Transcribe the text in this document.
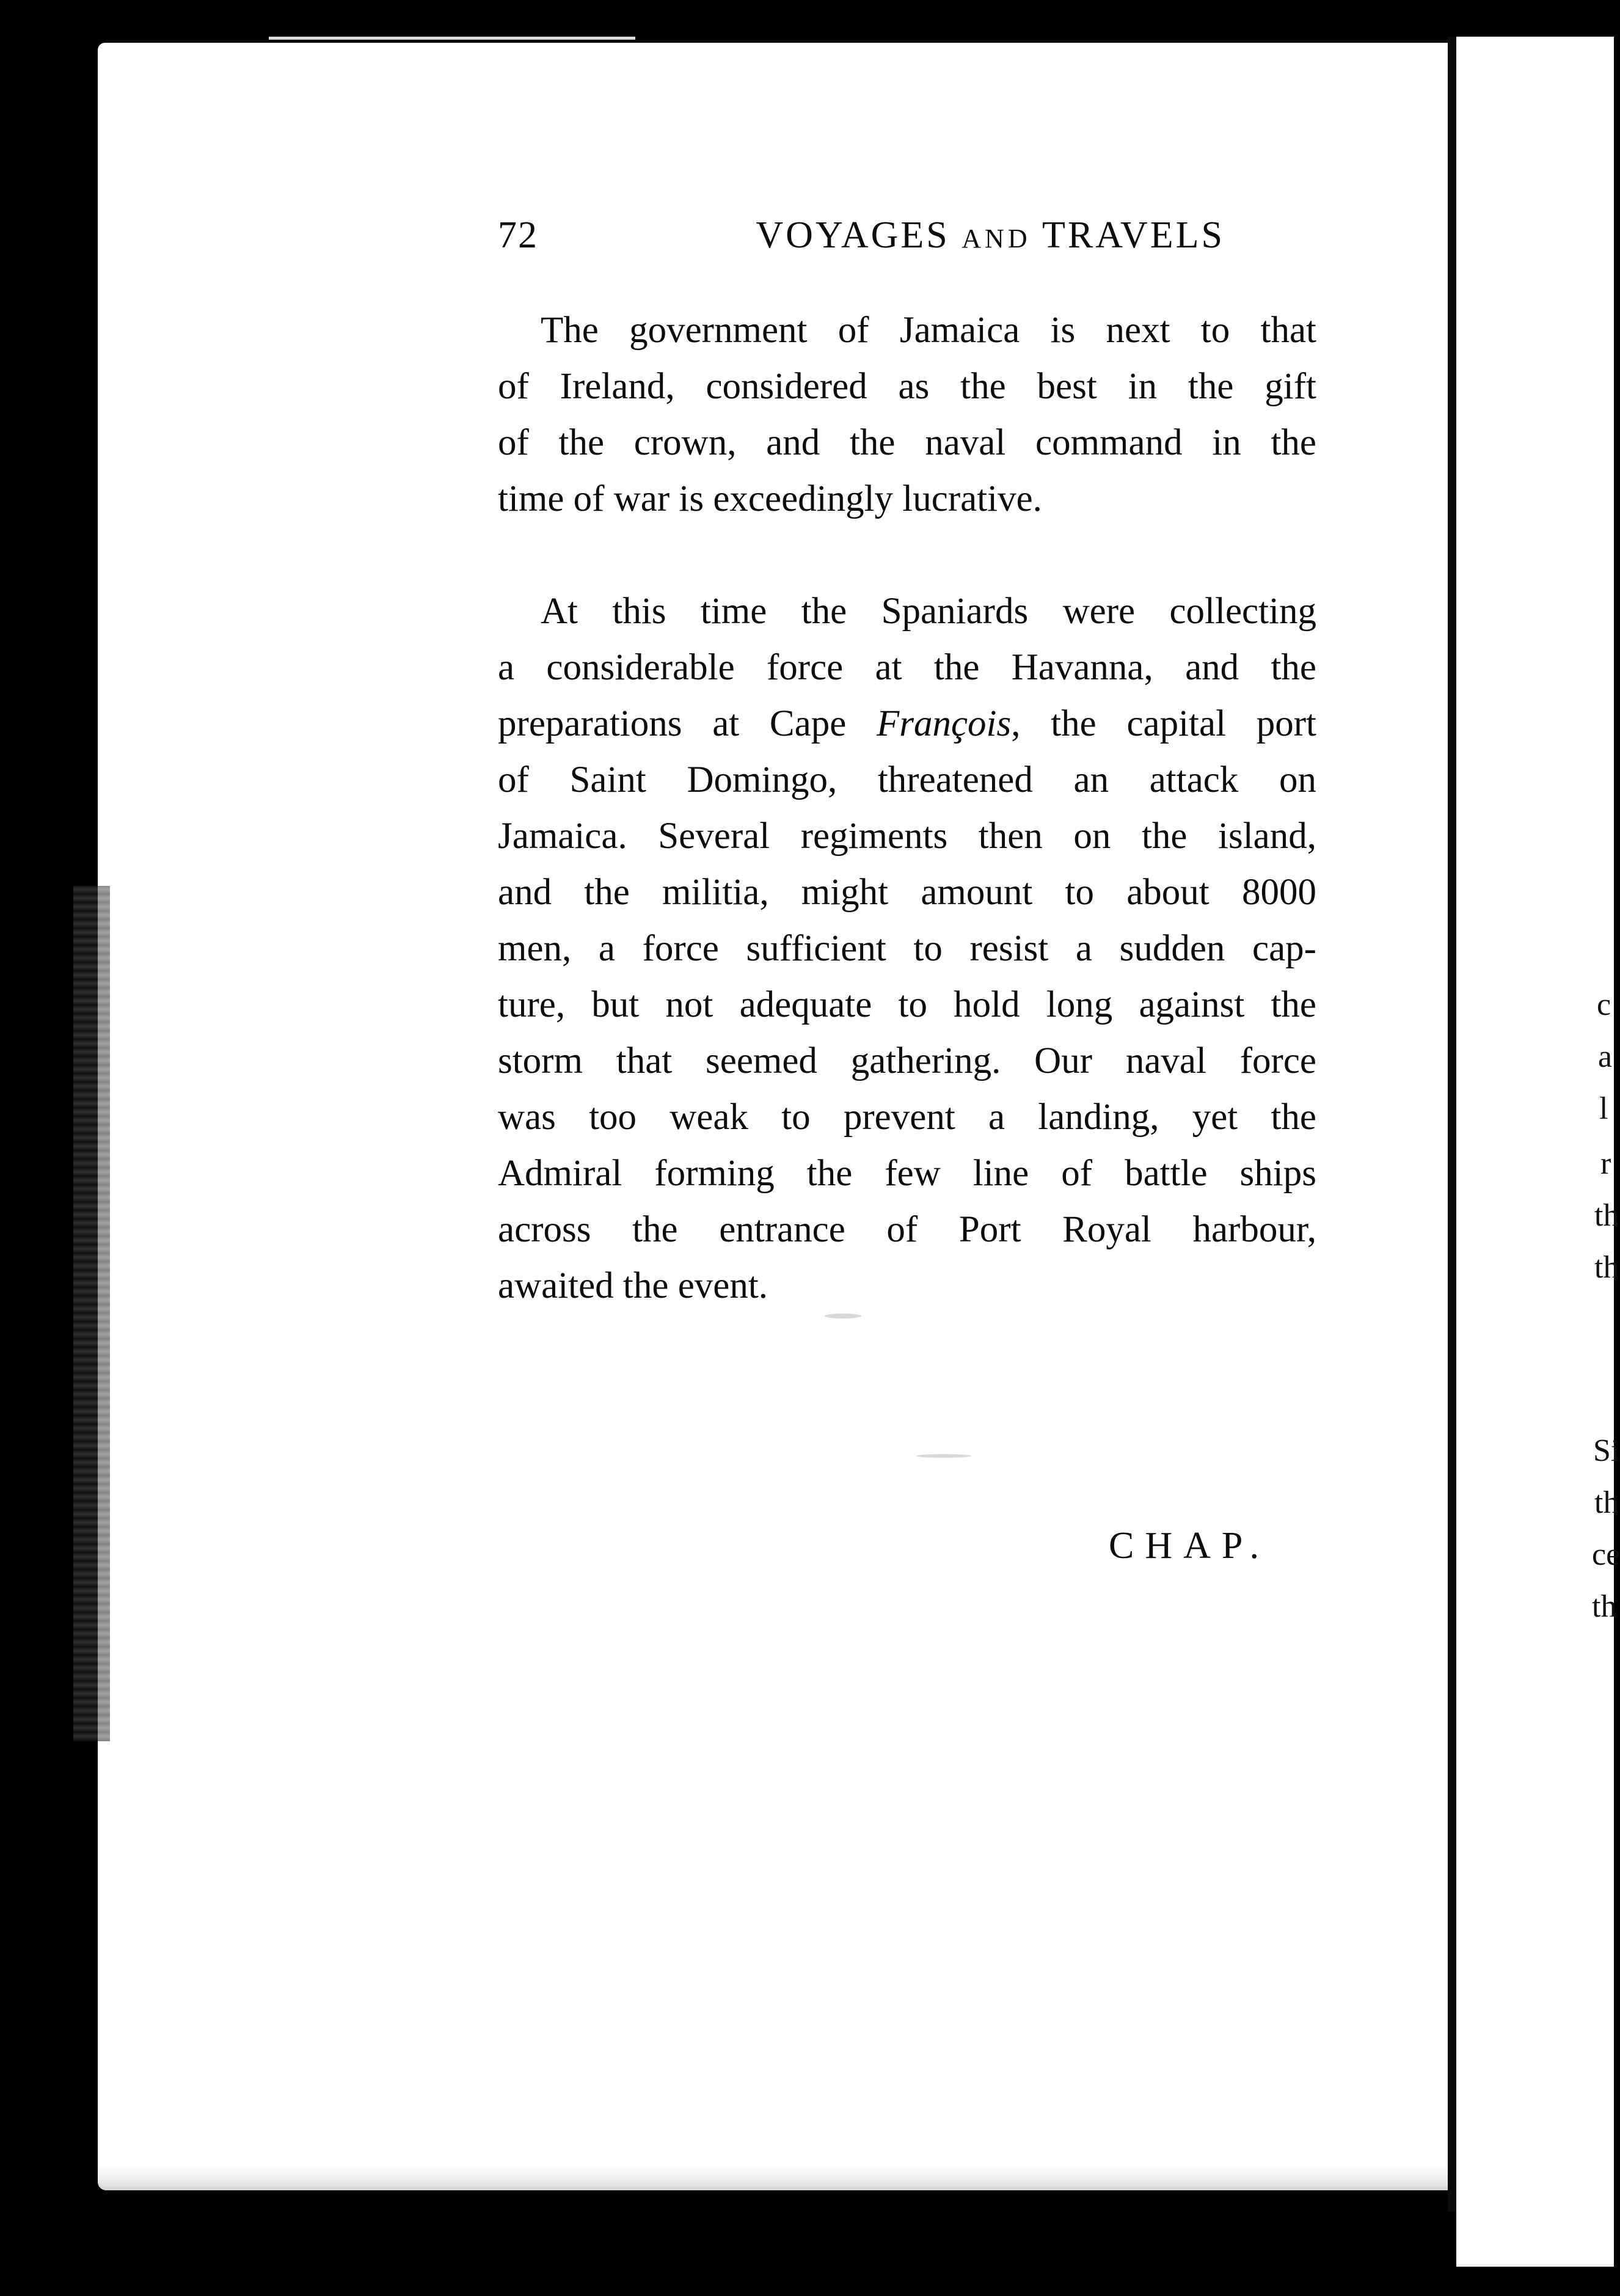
c
a
l
r
th
th
Si
th
ce
th
72	VOYAGES AND TRAVELS
The government of Jamaica is next to that
of Ireland, considered as the best in the gift
of the crown, and the naval command in the
time of war is exceedingly lucrative.
At this time the Spaniards were collecting
a considerable force at the Havanna, and the
preparations at Cape François, the capital port
of Saint Domingo, threatened an attack on
Jamaica. Several regiments then on the island,
and the militia, might amount to about 8000
men, a force sufficient to resist a sudden cap-
ture, but not adequate to hold long against the
storm that seemed gathering. Our naval force
was too weak to prevent a landing, yet the
Admiral forming the few line of battle ships
across the entrance of Port Royal harbour,
awaited the event.
CHAP.
